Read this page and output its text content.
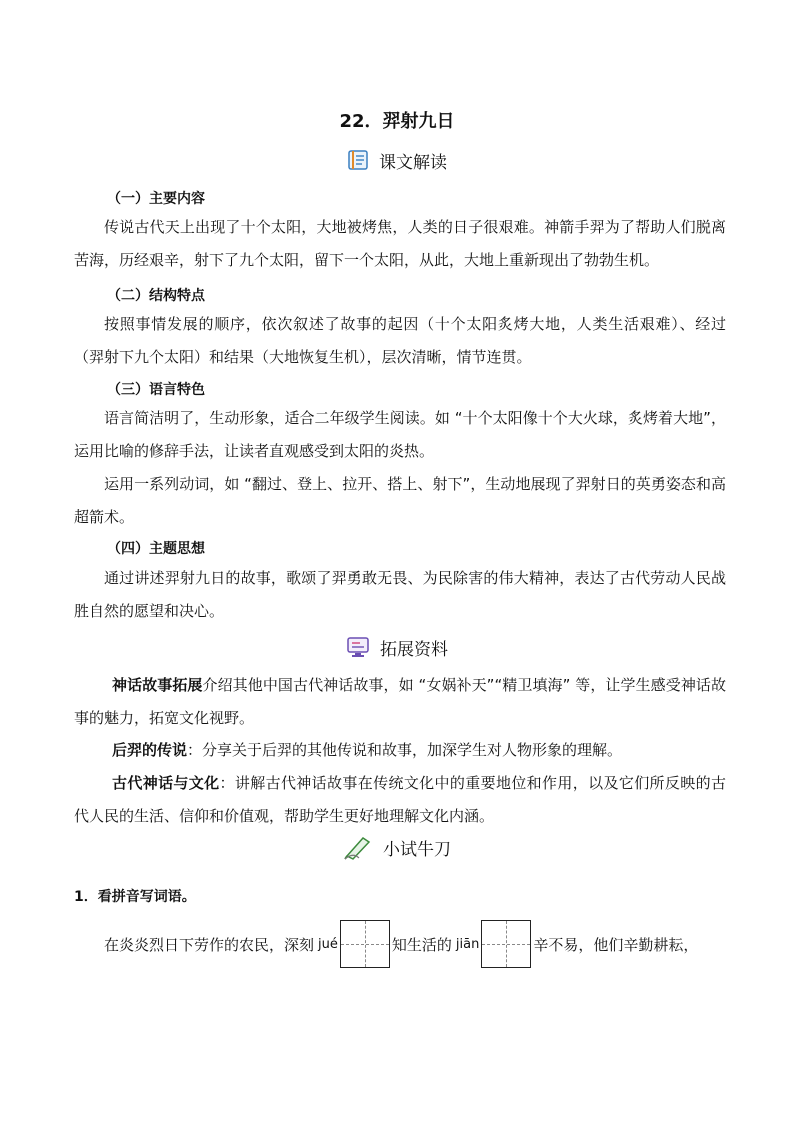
22．羿射九日
课文解读
（一）主要内容
传说古代天上出现了十个太阳，大地被烤焦，人类的日子很艰难。神箭手羿为了帮助人们脱离苦海，历经艰辛，射下了九个太阳，留下一个太阳，从此，大地上重新现出了勃勃生机。
（二）结构特点
按照事情发展的顺序，依次叙述了故事的起因（十个太阳炙烤大地，人类生活艰难）、经过（羿射下九个太阳）和结果（大地恢复生机），层次清晰，情节连贯。
（三）语言特色
语言简洁明了，生动形象，适合二年级学生阅读。如 “十个太阳像十个大火球，炙烤着大地”，运用比喻的修辞手法，让读者直观感受到太阳的炎热。
运用一系列动词，如 “翻过、登上、拉开、搭上、射下”，生动地展现了羿射日的英勇姿态和高超箭术。
（四）主题思想
通过讲述羿射九日的故事，歌颂了羿勇敢无畏、为民除害的伟大精神，表达了古代劳动人民战胜自然的愿望和决心。
拓展资料
神话故事拓展介绍其他中国古代神话故事，如 “女娲补天”“精卫填海” 等，让学生感受神话故事的魅力，拓宽文化视野。
后羿的传说：分享关于后羿的其他传说和故事，加深学生对人物形象的理解。
古代神话与文化：讲解古代神话故事在传统文化中的重要地位和作用，以及它们所反映的古代人民的生活、信仰和价值观，帮助学生更好地理解文化内涵。
小试牛刀
1．看拼音写词语。
在炎炎烈日下劳作的农民，深刻 jué	知生活的 jiān	辛不易，他们辛勤耕耘，
